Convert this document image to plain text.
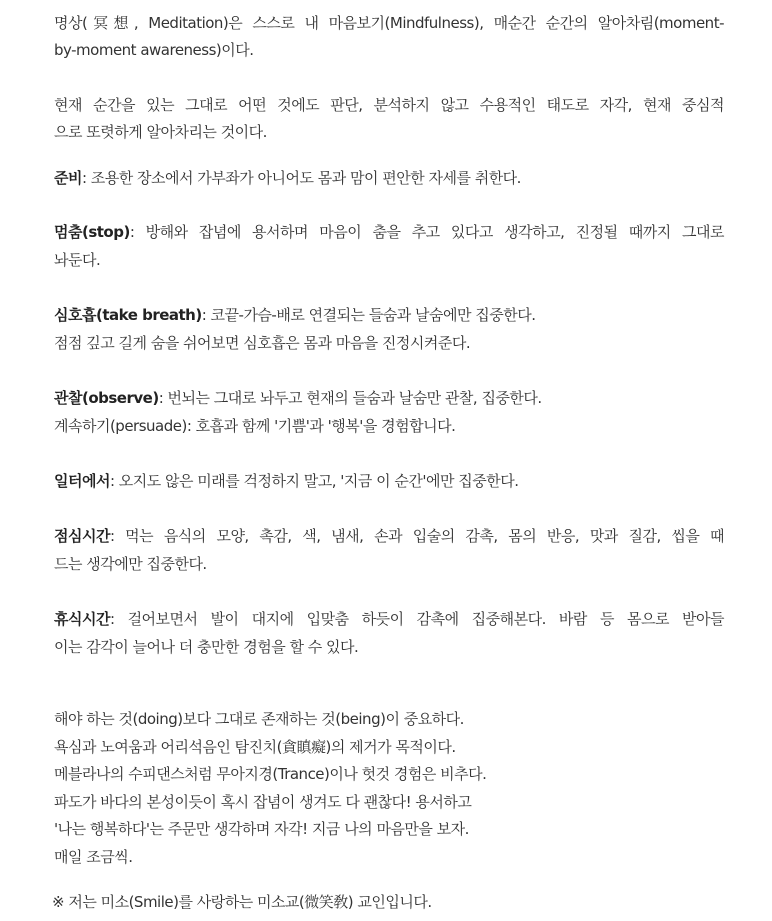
명상(冥想, Meditation)은 스스로 내 마음보기(Mindfulness), 매순간 순간의 알아차림(moment-
by-moment awareness)이다.
현재 순간을 있는 그대로 어떤 것에도 판단, 분석하지 않고 수용적인 태도로 자각, 현재 중심적
으로 또렷하게 알아차리는 것이다.
준비: 조용한 장소에서 가부좌가 아니어도 몸과 맘이 편안한 자세를 취한다.
멈춤(stop): 방해와 잡념에 용서하며 마음이 춤을 추고 있다고 생각하고, 진정될 때까지 그대로
놔둔다.
심호흡(take breath): 코끝-가슴-배로 연결되는 들숨과 날숨에만 집중한다.
점점 깊고 길게 숨을 쉬어보면 심호흡은 몸과 마음을 진정시켜준다.
관찰(observe): 번뇌는 그대로 놔두고 현재의 들숨과 날숨만 관찰, 집중한다.
계속하기(persuade): 호흡과 함께 '기쁨'과 '행복'을 경험합니다.
일터에서: 오지도 않은 미래를 걱정하지 말고, '지금 이 순간'에만 집중한다.
점심시간: 먹는 음식의 모양, 촉감, 색, 냄새, 손과 입술의 감촉, 몸의 반응, 맛과 질감, 씹을 때
드는 생각에만 집중한다.
휴식시간: 걸어보면서 발이 대지에 입맞춤 하듯이 감촉에 집중해본다. 바람 등 몸으로 받아들
이는 감각이 늘어나 더 충만한 경험을 할 수 있다.
해야 하는 것(doing)보다 그대로 존재하는 것(being)이 중요하다.
욕심과 노여움과 어리석음인 탐진치(貪瞋癡)의 제거가 목적이다.
메블라나의 수피댄스처럼 무아지경(Trance)이나 헛것 경험은 비추다.
파도가 바다의 본성이듯이 혹시 잡념이 생겨도 다 괜찮다! 용서하고
'나는 행복하다'는 주문만 생각하며 자각! 지금 나의 마음만을 보자.
매일 조금씩.
※ 저는 미소(Smile)를 사랑하는 미소교(微笑敎) 교인입니다.
